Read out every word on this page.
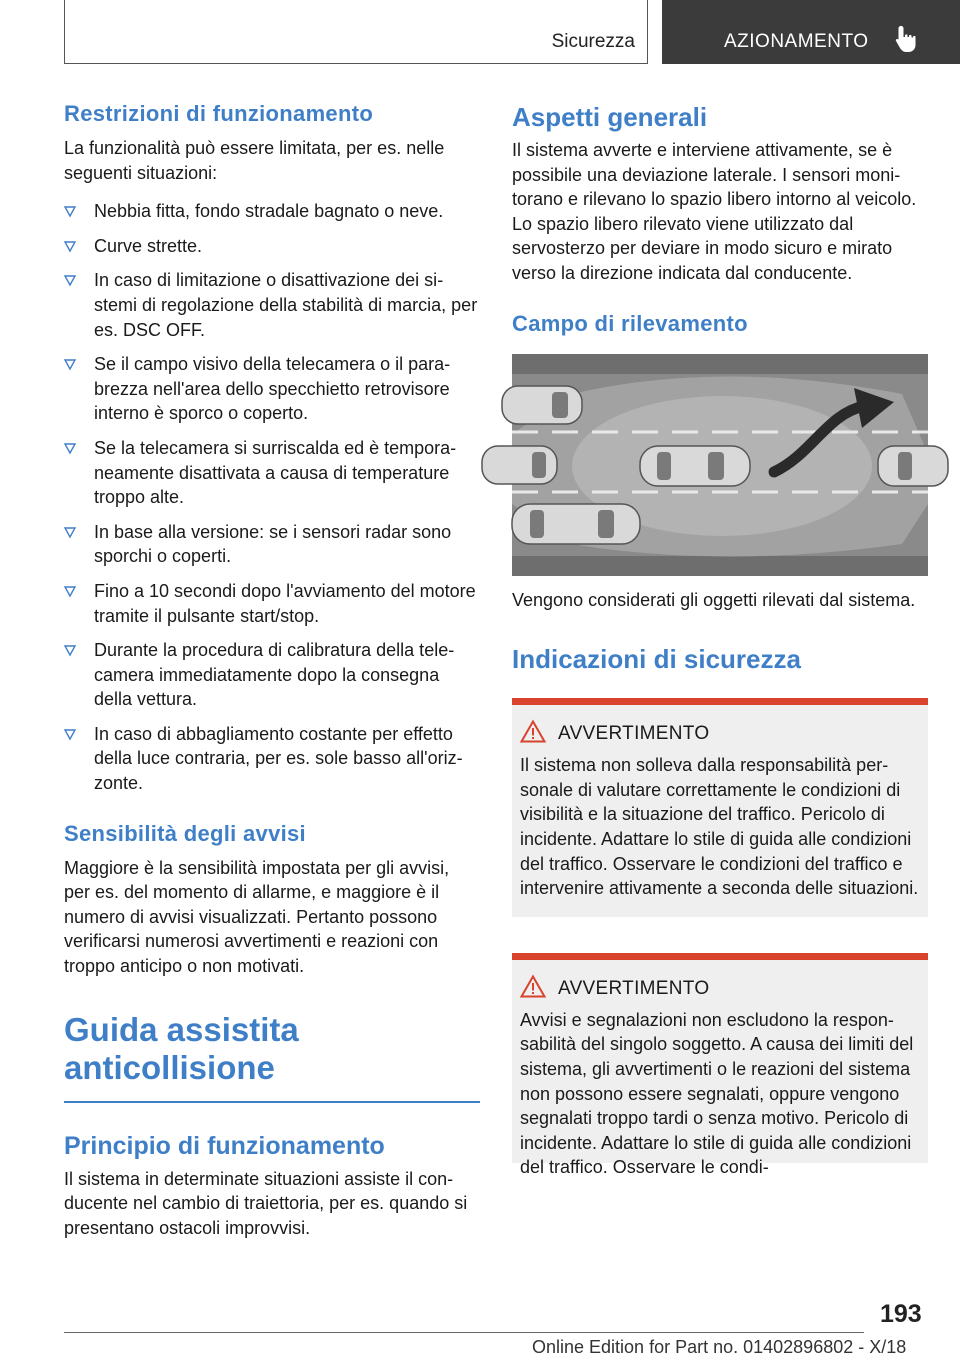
Sicurezza	AZIONAMENTO
Restrizioni di funzionamento

La funzionalità può essere limitata, per es. nelle seguenti situazioni:

Nebbia fitta, fondo stradale bagnato o neve.
Curve strette.
In caso di limitazione o disattivazione dei sistemi di regolazione della stabilità di marcia, per es. DSC OFF.
Se il campo visivo della telecamera o il parabrezza nell'area dello specchietto retrovisore interno è sporco o coperto.
Se la telecamera si surriscalda ed è temporaneamente disattivata a causa di temperature troppo alte.
In base alla versione: se i sensori radar sono sporchi o coperti.
Fino a 10 secondi dopo l'avviamento del motore tramite il pulsante start/stop.
Durante la procedura di calibratura della telecamera immediatamente dopo la consegna della vettura.
In caso di abbagliamento costante per effetto della luce contraria, per es. sole basso all'orizzonte.
Sensibilità degli avvisi

Maggiore è la sensibilità impostata per gli avvisi, per es. del momento di allarme, e maggiore è il numero di avvisi visualizzati. Pertanto possono verificarsi numerosi avvertimenti e reazioni con troppo anticipo o non motivati.

Guida assistita
anticollisione
Principio di funzionamento

Il sistema in determinate situazioni assiste il conducente nel cambio di traiettoria, per es. quando si presentano ostacoli improvvisi.

Aspetti generali

Il sistema avverte e interviene attivamente, se è possibile una deviazione laterale. I sensori monitorano e rilevano lo spazio libero intorno al veicolo. Lo spazio libero rilevato viene utilizzato dal servosterzo per deviare in modo sicuro e mirato verso la direzione indicata dal conducente.

Campo di rilevamento

Vengono considerati gli oggetti rilevati dal sistema.

Indicazioni di sicurezza
AVVERTIMENTO

Il sistema non solleva dalla responsabilità personale di valutare correttamente le condizioni di visibilità e la situazione del traffico. Pericolo di incidente. Adattare lo stile di guida alle condizioni del traffico. Osservare le condizioni del traffico e intervenire attivamente a seconda delle situazioni.

AVVERTIMENTO

Avvisi e segnalazioni non escludono la responsabilità del singolo soggetto. A causa dei limiti del sistema, gli avvertimenti o le reazioni del sistema non possono essere segnalati, oppure vengono segnalati troppo tardi o senza motivo. Pericolo di incidente. Adattare lo stile di guida alle condizioni del traffico. Osservare le condi-

193
Online Edition for Part no. 01402896802 - X/18
